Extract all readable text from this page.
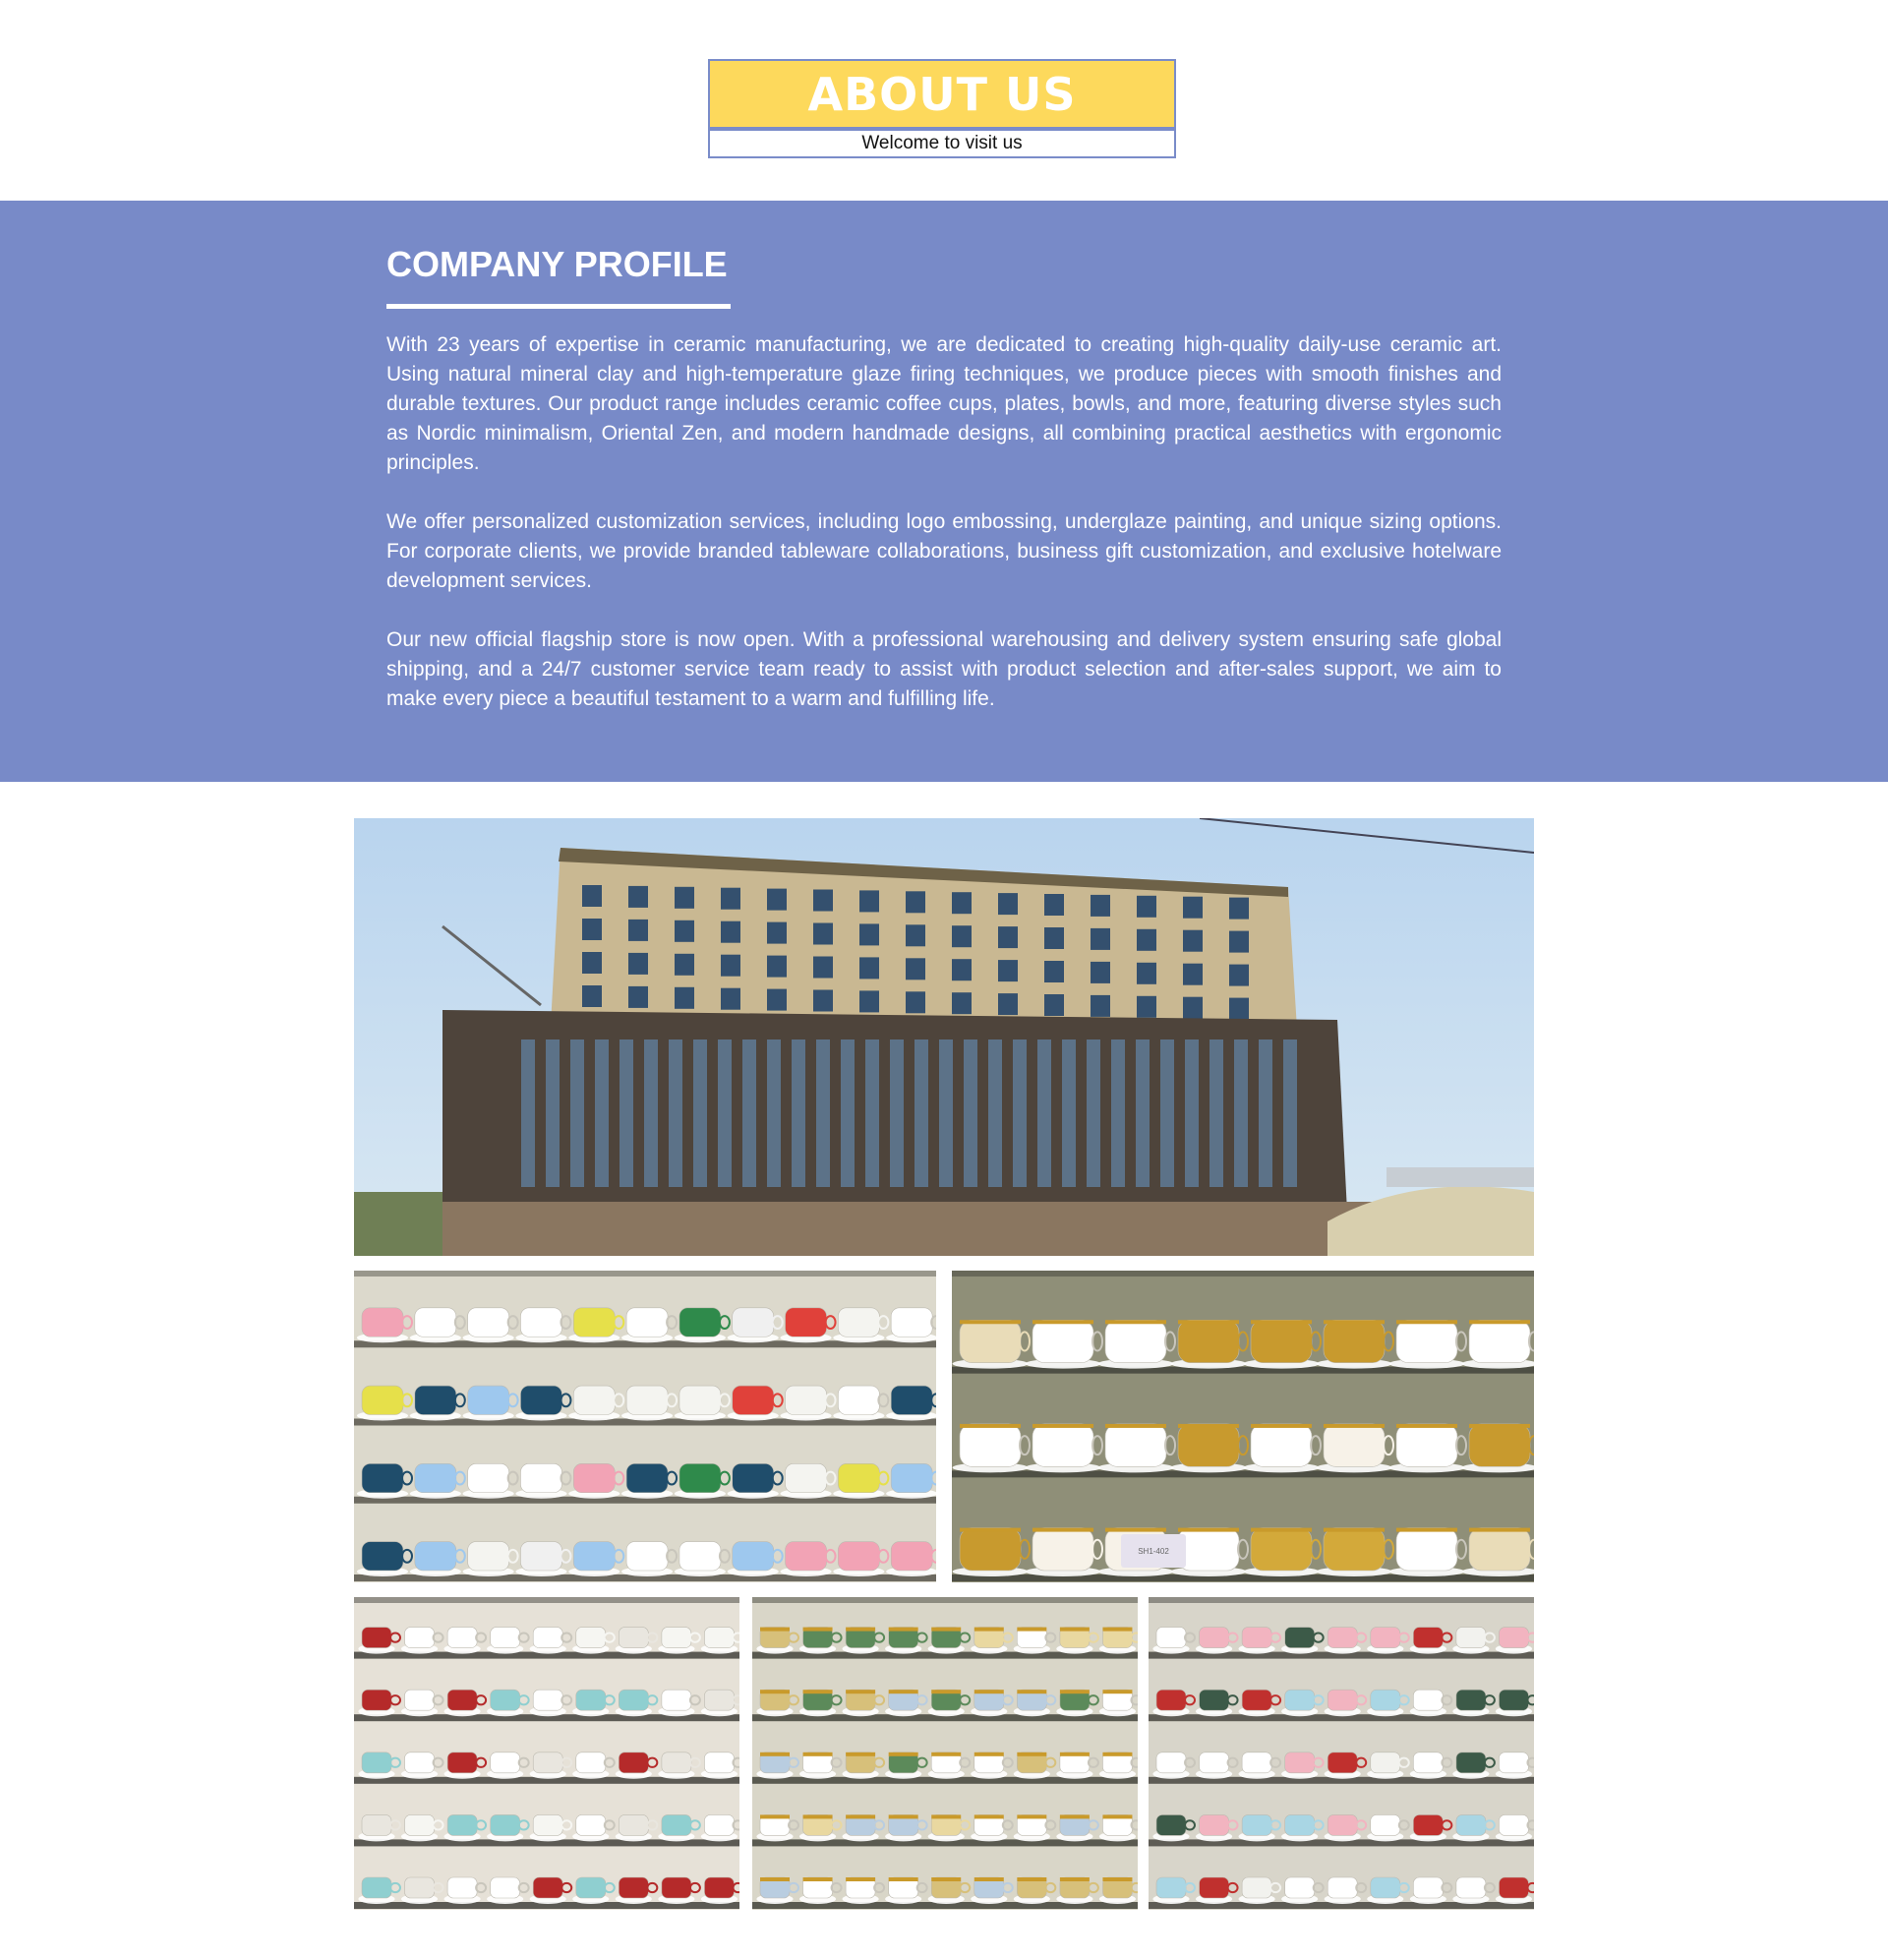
ABOUT US
Welcome to visit us
COMPANY PROFILE

With 23 years of expertise in ceramic manufacturing, we are dedicated to creating high-quality daily-use ceramic art. Using natural mineral clay and high-temperature glaze firing techniques, we produce pieces with smooth finishes and durable textures. Our product range includes ceramic coffee cups, plates, bowls, and more, featuring diverse styles such as Nordic minimalism, Oriental Zen, and modern handmade designs, all combining practical aesthetics with ergonomic principles.

We offer personalized customization services, including logo embossing, underglaze painting, and unique sizing options. For corporate clients, we provide branded tableware collaborations, business gift customization, and exclusive hotelware development services.

Our new official flagship store is now open. With a professional warehousing and delivery system ensuring safe global shipping, and a 24/7 customer service team ready to assist with product selection and after-sales support, we aim to make every piece a beautiful testament to a warm and fulfilling life.

SH1-402
